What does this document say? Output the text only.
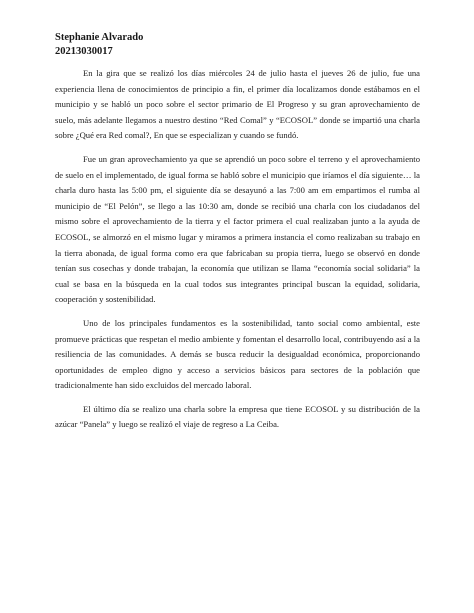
Stephanie Alvarado
20213030017

En la gira que se realizó los días miércoles 24 de julio hasta el jueves 26 de julio, fue una experiencia llena de conocimientos de principio a fin, el primer día localizamos donde estábamos en el municipio y se habló un poco sobre el sector primario de El Progreso y su gran aprovechamiento de suelo, más adelante llegamos a nuestro destino “Red Comal” y “ECOSOL” donde se impartió una charla sobre ¿Qué era Red comal?, En que se especializan y cuando se fundó.

Fue un gran aprovechamiento ya que se aprendió un poco sobre el terreno y el aprovechamiento de suelo en el implementado, de igual forma se habló sobre el municipio que iríamos el día siguiente… la charla duro hasta las 5:00 pm, el siguiente día se desayunó a las 7:00 am em empartimos el rumba al municipio de “El Pelón”, se llego a las 10:30 am, donde se recibió una charla con los ciudadanos del mismo sobre el aprovechamiento de la tierra y el factor primera el cual realizaban junto a la ayuda de ECOSOL, se almorzó en el mismo lugar y miramos a primera instancia el como realizaban su trabajo en la tierra abonada, de igual forma como era que fabricaban su propia tierra, luego se observó en donde tenían sus cosechas y donde trabajan, la economía que utilizan se llama “economía social solidaria” la cual se basa en la búsqueda en la cual todos sus integrantes principal buscan la equidad, solidaria, cooperación y sostenibilidad.

Uno de los principales fundamentos es la sostenibilidad, tanto social como ambiental, este promueve prácticas que respetan el medio ambiente y fomentan el desarrollo local, contribuyendo así a la resiliencia de las comunidades. A demás se busca reducir la desigualdad económica, proporcionando oportunidades de empleo digno y acceso a servicios básicos para sectores de la población que tradicionalmente han sido excluidos del mercado laboral.

El último día se realizo una charla sobre la empresa que tiene ECOSOL y su distribución de la azúcar “Panela” y luego se realizó el viaje de regreso a La Ceiba.
